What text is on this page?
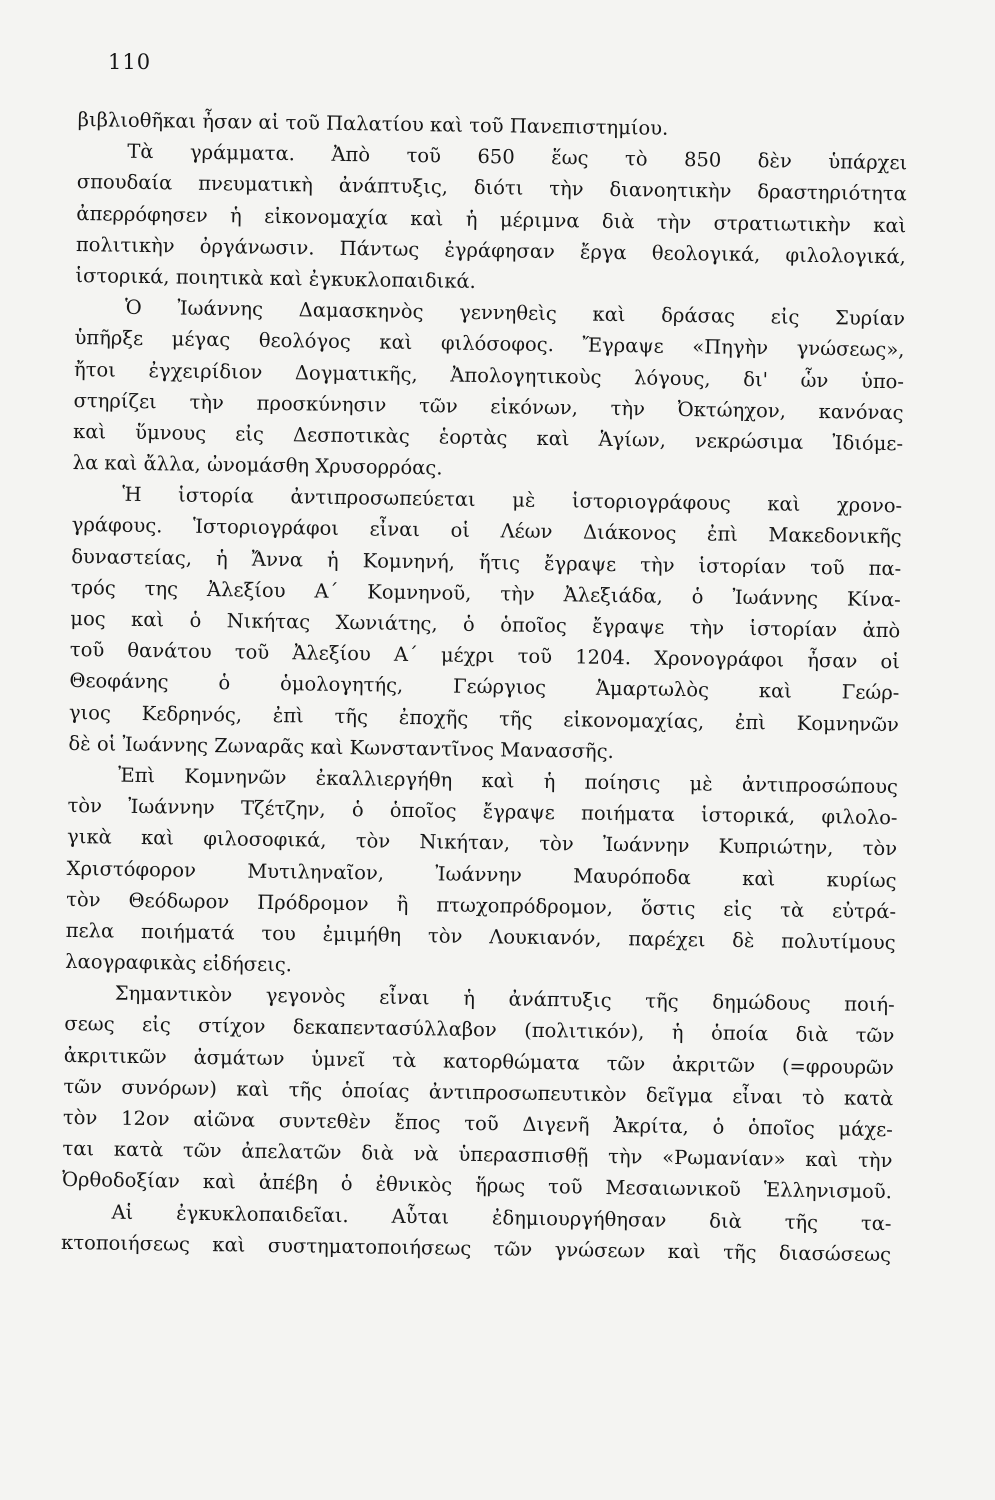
110
βιβλιοθῆκαι ἦσαν αἱ τοῦ Παλατίου καὶ τοῦ Πανεπιστημίου.
Τὰ γράμματα. Ἀπὸ τοῦ 650 ἕως τὸ 850 δὲν ὑπάρχει
σπουδαία πνευματικὴ ἀνάπτυξις, διότι τὴν διανοητικὴν δραστηριότητα
ἀπερρόφησεν ἡ εἰκονομαχία καὶ ἡ μέριμνα διὰ τὴν στρατιωτικὴν καὶ
πολιτικὴν ὀργάνωσιν. Πάντως ἐγράφησαν ἔργα θεολογικά, φιλολογικά,
ἱστορικά, ποιητικὰ καὶ ἐγκυκλοπαιδικά.
Ὁ Ἰωάννης Δαμασκηνὸς γεννηθεὶς καὶ δράσας εἰς Συρίαν
ὑπῆρξε μέγας θεολόγος καὶ φιλόσοφος. Ἔγραψε «Πηγὴν γνώσεως»,
ἤτοι ἐγχειρίδιον Δογματικῆς, Ἀπολογητικοὺς λόγους, δι' ὧν ὑπο-
στηρίζει τὴν προσκύνησιν τῶν εἰκόνων, τὴν Ὀκτώηχον, κανόνας
καὶ ὕμνους εἰς Δεσποτικὰς ἑορτὰς καὶ Ἁγίων, νεκρώσιμα Ἰδιόμε-
λα καὶ ἄλλα, ὠνομάσθη Χρυσορρόας.
Ἡ ἱστορία ἀντιπροσωπεύεται μὲ ἱστοριογράφους καὶ χρονο-
γράφους. Ἱστοριογράφοι εἶναι οἱ Λέων Διάκονος ἐπὶ Μακεδονικῆς
δυναστείας, ἡ Ἄννα ἡ Κομνηνή, ἥτις ἔγραψε τὴν ἱστορίαν τοῦ πα-
τρός της Ἀλεξίου Α΄ Κομνηνοῦ, τὴν Ἀλεξιάδα, ὁ Ἰωάννης Κίνα-
μος καὶ ὁ Νικήτας Χωνιάτης, ὁ ὁποῖος ἔγραψε τὴν ἱστορίαν ἀπὸ
τοῦ θανάτου τοῦ Ἀλεξίου Α΄ μέχρι τοῦ 1204. Χρονογράφοι ἦσαν οἱ
Θεοφάνης ὁ ὁμολογητής, Γεώργιος Ἁμαρτωλὸς καὶ Γεώρ-
γιος Κεδρηνός, ἐπὶ τῆς ἐποχῆς τῆς εἰκονομαχίας, ἐπὶ Κομνηνῶν
δὲ οἱ Ἰωάννης Ζωναρᾶς καὶ Κωνσταντῖνος Μανασσῆς.
Ἐπὶ Κομνηνῶν ἐκαλλιεργήθη καὶ ἡ ποίησις μὲ ἀντιπροσώπους
τὸν Ἰωάννην Τζέτζην, ὁ ὁποῖος ἔγραψε ποιήματα ἱστορικά, φιλολο-
γικὰ καὶ φιλοσοφικά, τὸν Νικήταν, τὸν Ἰωάννην Κυπριώτην, τὸν
Χριστόφορον Μυτιληναῖον, Ἰωάννην Μαυρόποδα καὶ κυρίως
τὸν Θεόδωρον Πρόδρομον ἢ πτωχοπρόδρομον, ὅστις εἰς τὰ εὐτρά-
πελα ποιήματά του ἐμιμήθη τὸν Λουκιανόν, παρέχει δὲ πολυτίμους
λαογραφικὰς εἰδήσεις.
Σημαντικὸν γεγονὸς εἶναι ἡ ἀνάπτυξις τῆς δημώδους ποιή-
σεως εἰς στίχον δεκαπεντασύλλαβον (πολιτικόν), ἡ ὁποία διὰ τῶν
ἀκριτικῶν ἀσμάτων ὑμνεῖ τὰ κατορθώματα τῶν ἀκριτῶν (=φρουρῶν
τῶν συνόρων) καὶ τῆς ὁποίας ἀντιπροσωπευτικὸν δεῖγμα εἶναι τὸ κατὰ
τὸν 12ον αἰῶνα συντεθὲν ἔπος τοῦ Διγενῆ Ἀκρίτα, ὁ ὁποῖος μάχε-
ται κατὰ τῶν ἀπελατῶν διὰ νὰ ὑπερασπισθῇ τὴν «Ρωμανίαν» καὶ τὴν
Ὀρθοδοξίαν καὶ ἀπέβη ὁ ἐθνικὸς ἥρως τοῦ Μεσαιωνικοῦ Ἑλληνισμοῦ.
Αἱ ἐγκυκλοπαιδεῖαι. Αὗται ἐδημιουργήθησαν διὰ τῆς τα-
κτοποιήσεως καὶ συστηματοποιήσεως τῶν γνώσεων καὶ τῆς διασώσεως
